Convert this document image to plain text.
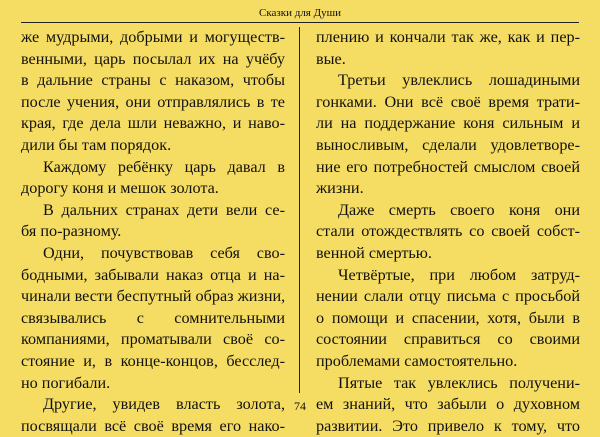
Сказки для Души
же мудрыми, добрыми и могуществ-
венными, царь посылал их на учёбу
в дальние страны с наказом, чтобы
после учения, они отправлялись в те
края, где дела шли неважно, и наво-
дили бы там порядок.
Каждому ребёнку царь давал в
дорогу коня и мешок золота.
В дальних странах дети вели се-
бя по-разному.
Одни, почувствовав себя сво-
бодными, забывали наказ отца и на-
чинали вести беспутный образ жизни,
связывались с сомнительными
компаниями, проматывали своё со-
стояние и, в конце-концов, бесслед-
но погибали.
Другие, увидев власть золота,
посвящали всё своё время его нако-
плению и кончали так же, как и пер-
вые.
Третьи увлеклись лошадиными
гонками. Они всё своё время трати-
ли на поддержание коня сильным и
выносливым, сделали удовлетворе-
ние его потребностей смыслом своей
жизни.
Даже смерть своего коня они
стали отождествлять со своей собст-
венной смертью.
Четвёртые, при любом затруд-
нении слали отцу письма с просьбой
о помощи и спасении, хотя, были в
состоянии справиться со своими
проблемами самостоятельно.
Пятые так увлеклись получени-
ем знаний, что забыли о духовном
развитии. Это привело к тому, что
74
